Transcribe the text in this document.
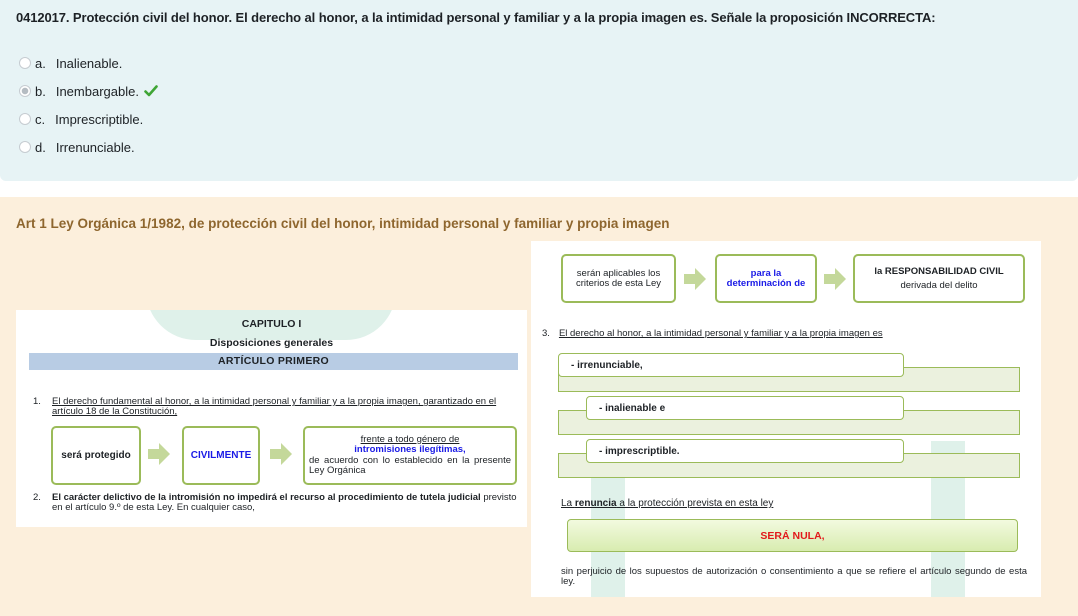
0412017. Protección civil del honor. El derecho al honor, a la intimidad personal y familiar y a la propia imagen es. Señale la proposición INCORRECTA:
a. Inalienable.
b. Inembargable.
c. Imprescriptible.
d. Irrenunciable.
Art 1 Ley Orgánica 1/1982, de protección civil del honor, intimidad personal y familiar y propia imagen
CAPITULO I
Disposiciones generales
ARTÍCULO PRIMERO
1. El derecho fundamental al honor, a la intimidad personal y familiar y a la propia imagen, garantizado en el artículo 18 de la Constitución,
será protegido	CIVILMENTE
frente a todo género de
intromisiones ilegítimas,
de acuerdo con lo establecido en la presente Ley Orgánica
2. El carácter delictivo de la intromisión no impedirá el recurso al procedimiento de tutela judicial previsto en el artículo 9.º de esta Ley. En cualquier caso,
serán aplicables los criterios de esta Ley
para la determinación de
la RESPONSABILIDAD CIVIL
derivada del delito
3. El derecho al honor, a la intimidad personal y familiar y a la propia imagen es
- irrenunciable,
- inalienable e
- imprescriptible.
La renuncia a la protección prevista en esta ley
SERÁ NULA,
sin perjuicio de los supuestos de autorización o consentimiento a que se refiere el artículo segundo de esta ley.
